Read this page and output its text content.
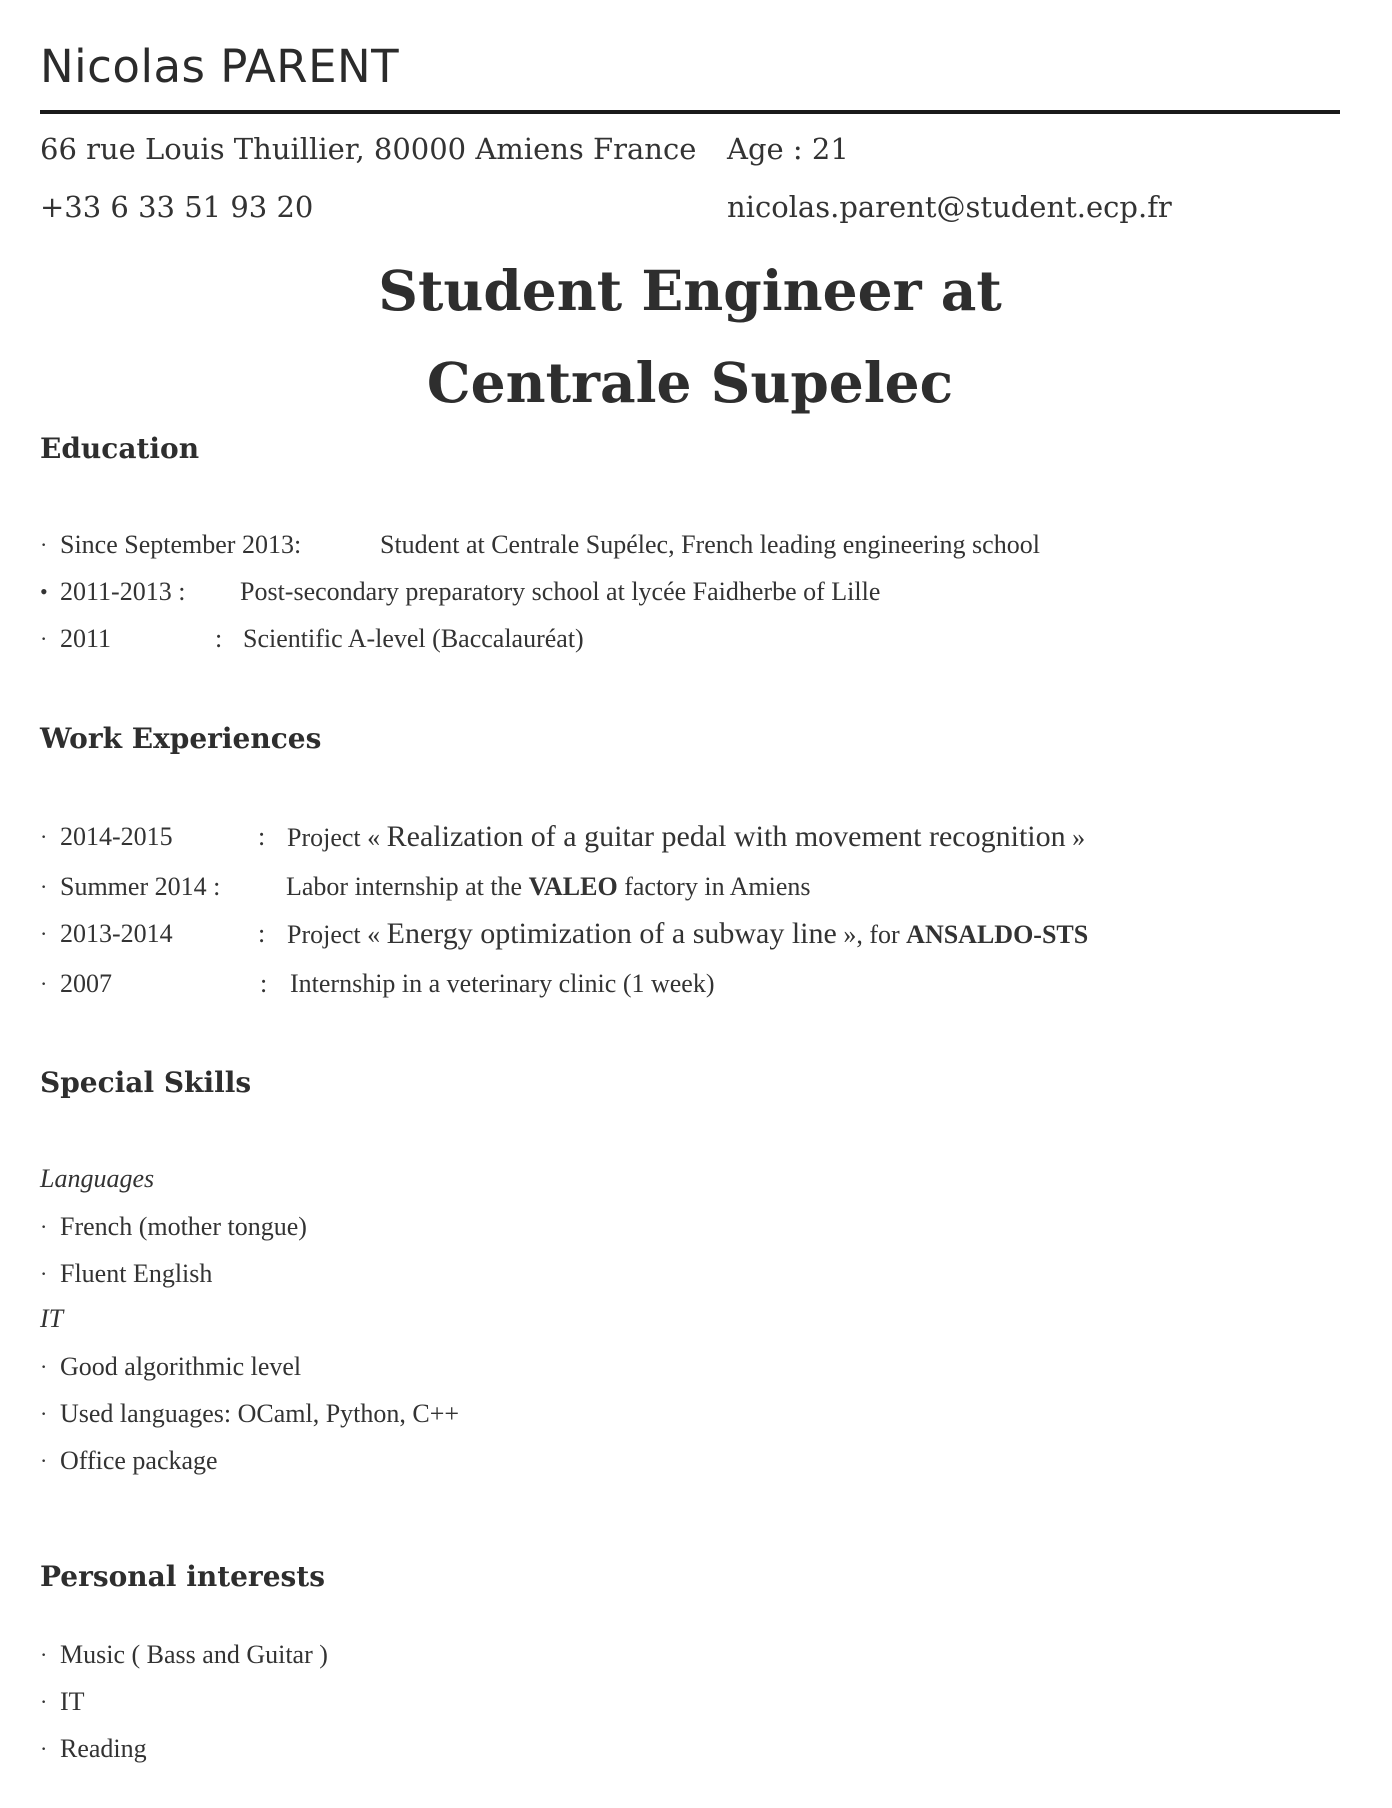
Nicolas PARENT
66 rue Louis Thuillier, 80000 Amiens France Age : 21
+33 6 33 51 93 20	nicolas.parent@student.ecp.fr
Student Engineer at
Centrale Supelec
Education
· Since September 2013:	Student at Centrale Supélec, French leading engineering school
• 2011-2013 : Post-secondary preparatory school at lycée Faidherbe of Lille
· 2011	: Scientific A-level (Baccalauréat)
Work Experiences
· 2014-2015	: Project « Realization of a guitar pedal with movement recognition »
· Summer 2014 :	Labor internship at the VALEO factory in Amiens
· 2013-2014	: Project « Energy optimization of a subway line », for ANSALDO-STS
· 2007	: Internship in a veterinary clinic (1 week)
Special Skills
Languages
· French (mother tongue)
· Fluent English
IT
· Good algorithmic level
· Used languages: OCaml, Python, C++
· Office package
Personal interests
· Music ( Bass and Guitar )
· IT
· Reading
